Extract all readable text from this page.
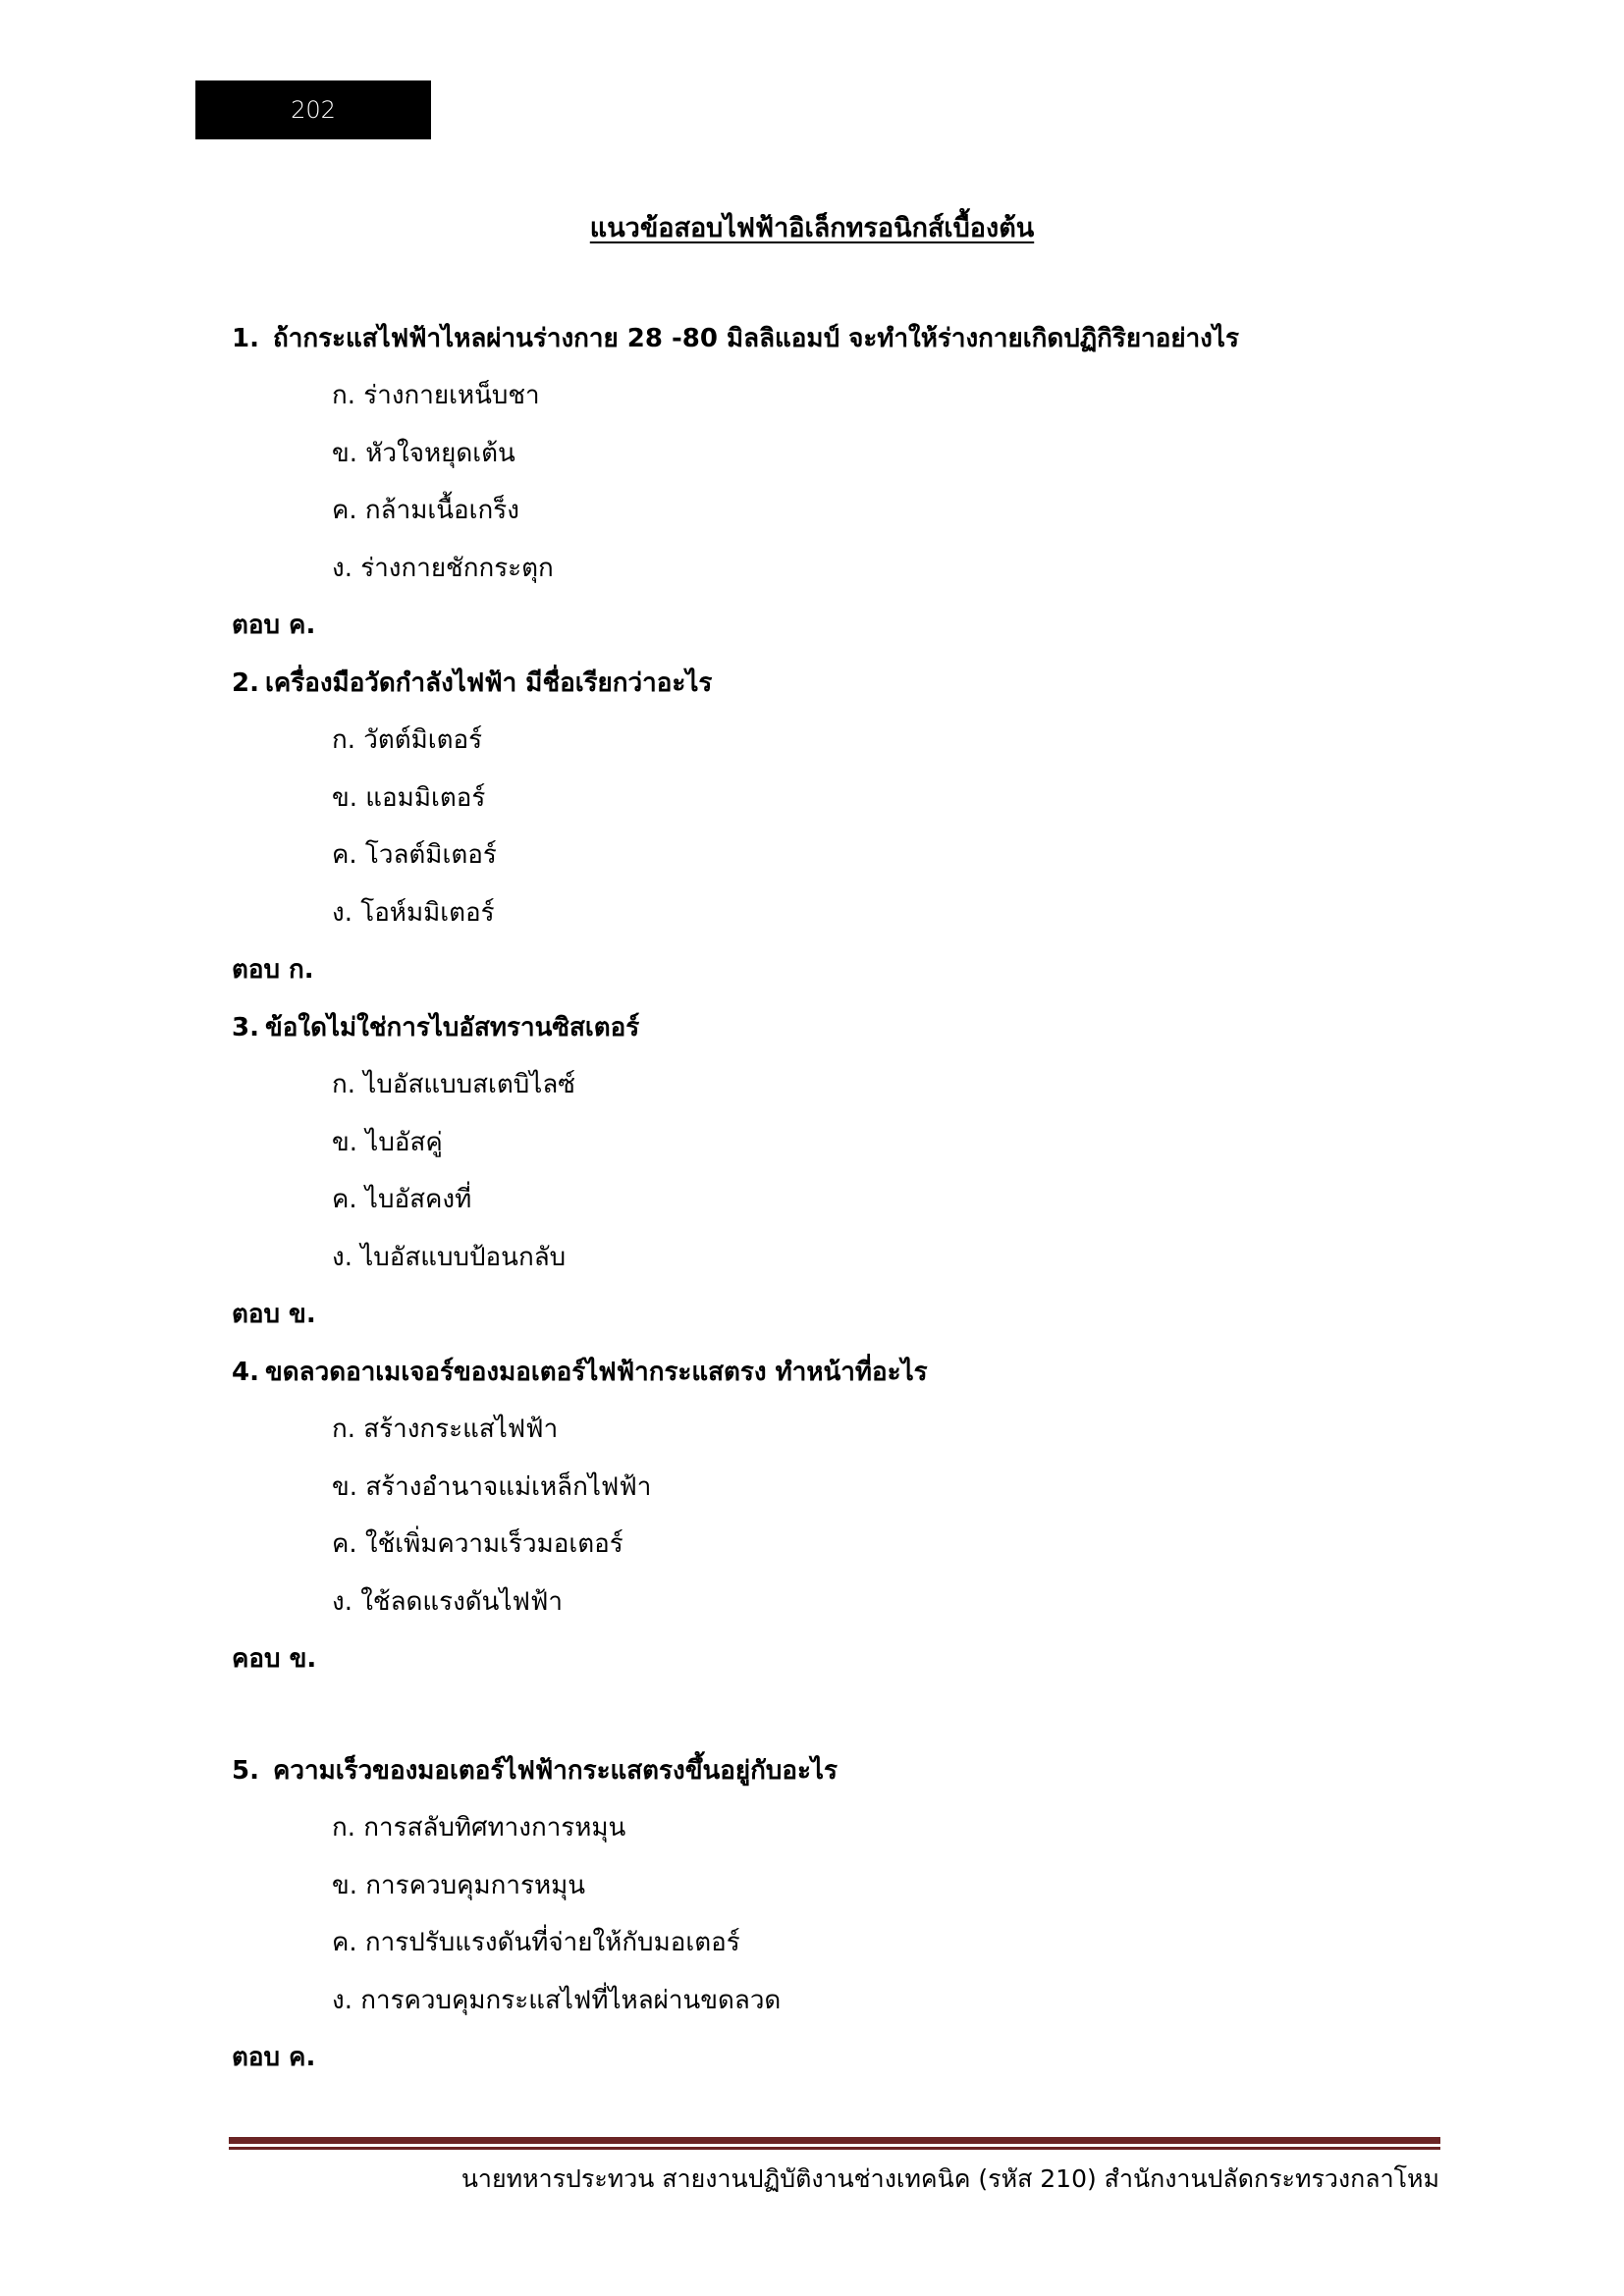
202
แนวข้อสอบไฟฟ้าอิเล็กทรอนิกส์เบื้องต้น
1. ถ้ากระแสไฟฟ้าไหลผ่านร่างกาย 28 -80 มิลลิแอมป์ จะทำให้ร่างกายเกิดปฏิกิริยาอย่างไร
ก. ร่างกายเหน็บชา
ข. หัวใจหยุดเต้น
ค. กล้ามเนื้อเกร็ง
ง. ร่างกายชักกระตุก
ตอบ ค.
2. เครื่องมือวัดกำลังไฟฟ้า มีชื่อเรียกว่าอะไร
ก. วัตต์มิเตอร์
ข. แอมมิเตอร์
ค. โวลต์มิเตอร์
ง. โอห์มมิเตอร์
ตอบ ก.
3. ข้อใดไม่ใช่การไบอัสทรานซิสเตอร์
ก. ไบอัสแบบสเตบิไลซ์
ข. ไบอัสคู่
ค. ไบอัสคงที่
ง. ไบอัสแบบป้อนกลับ
ตอบ ข.
4. ขดลวดอาเมเจอร์ของมอเตอร์ไฟฟ้ากระแสตรง ทำหน้าที่อะไร
ก. สร้างกระแสไฟฟ้า
ข. สร้างอำนาจแม่เหล็กไฟฟ้า
ค. ใช้เพิ่มความเร็วมอเตอร์
ง. ใช้ลดแรงดันไฟฟ้า
คอบ ข.
5. ความเร็วของมอเตอร์ไฟฟ้ากระแสตรงขึ้นอยู่กับอะไร
ก. การสลับทิศทางการหมุน
ข. การควบคุมการหมุน
ค. การปรับแรงดันที่จ่ายให้กับมอเตอร์
ง. การควบคุมกระแสไฟที่ไหลผ่านขดลวด
ตอบ ค.
นายทหารประทวน สายงานปฏิบัติงานช่างเทคนิค (รหัส 210) สำนักงานปลัดกระทรวงกลาโหม
